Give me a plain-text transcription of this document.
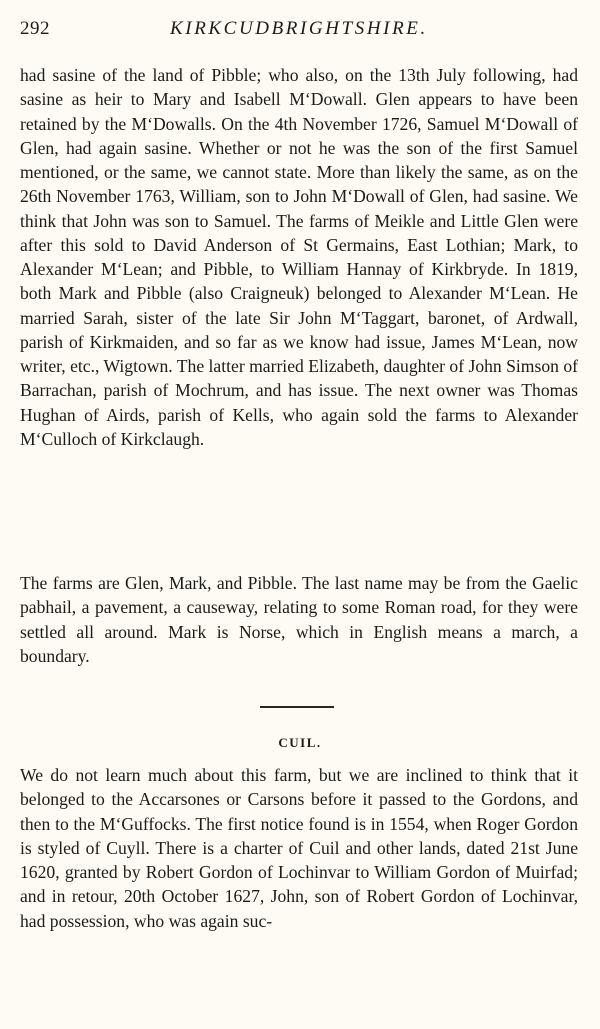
292	KIRKCUDBRIGHTSHIRE.

had sasine of the land of Pibble; who also, on the 13th July following, had sasine as heir to Mary and Isabell M‘Dowall. Glen appears to have been retained by the M‘Dowalls. On the 4th November 1726, Samuel M‘Dowall of Glen, had again sasine. Whether or not he was the son of the first Samuel mentioned, or the same, we cannot state. More than likely the same, as on the 26th November 1763, William, son to John M‘Dowall of Glen, had sasine. We think that John was son to Samuel. The farms of Meikle and Little Glen were after this sold to David Anderson of St Germains, East Lothian; Mark, to Alexander M‘Lean; and Pibble, to William Hannay of Kirkbryde. In 1819, both Mark and Pibble (also Craigneuk) belonged to Alexander M‘Lean. He married Sarah, sister of the late Sir John M‘Taggart, baronet, of Ardwall, parish of Kirkmaiden, and so far as we know had issue, James M‘Lean, now writer, etc., Wigtown. The latter married Elizabeth, daughter of John Simson of Barrachan, parish of Mochrum, and has issue. The next owner was Thomas Hughan of Airds, parish of Kells, who again sold the farms to Alexander M‘Culloch of Kirkclaugh.

The farms are Glen, Mark, and Pibble. The last name may be from the Gaelic pabhail, a pavement, a causeway, relating to some Roman road, for they were settled all around. Mark is Norse, which in English means a march, a boundary.

CUIL.

We do not learn much about this farm, but we are inclined to think that it belonged to the Accarsones or Carsons before it passed to the Gordons, and then to the M‘Guffocks. The first notice found is in 1554, when Roger Gordon is styled of Cuyll. There is a charter of Cuil and other lands, dated 21st June 1620, granted by Robert Gordon of Lochinvar to William Gordon of Muirfad; and in retour, 20th October 1627, John, son of Robert Gordon of Lochinvar, had possession, who was again suc-
